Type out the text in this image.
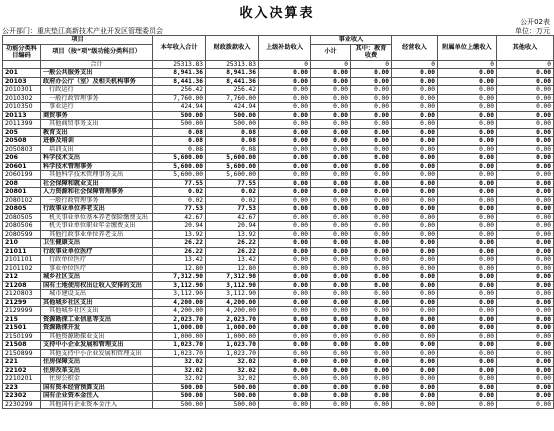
收入决算表
公开02表
公开部门：重庆垫江高新技术产业开发区管理委员会	单位：万元
项目		本年收入合计	财政拨款收入	上级补助收入	事业收入		经营收入	附属单位上缴收入	其他收入
功能分类科目编码	项目（按“项”级功能分类科目）				小计	其中：教育收费			
	合计	25313.83	25313.83	0	0	0	0	0	0
201	一般公共服务支出	8,941.36	8,941.36	0.00	0.00	0.00	0.00	0.00	0.00
20103	政府办公厅（室）及相关机构事务	8,441.36	8,441.36	0.00	0.00	0.00	0.00	0.00	0.00
2010301	行政运行	256.42	256.42	0.00	0.00	0.00	0.00	0.00	0.00
2010302	一般行政管理事务	7,760.00	7,760.00	0.00	0.00	0.00	0.00	0.00	0.00
2010350	事业运行	424.94	424.94	0.00	0.00	0.00	0.00	0.00	0.00
20113	商贸事务	500.00	500.00	0.00	0.00	0.00	0.00	0.00	0.00
2011399	其他商贸事务支出	500.00	500.00	0.00	0.00	0.00	0.00	0.00	0.00
205	教育支出	0.08	0.08	0.00	0.00	0.00	0.00	0.00	0.00
20508	进修及培训	0.08	0.08	0.00	0.00	0.00	0.00	0.00	0.00
2050803	培训支出	0.08	0.08	0.00	0.00	0.00	0.00	0.00	0.00
206	科学技术支出	5,600.00	5,600.00	0.00	0.00	0.00	0.00	0.00	0.00
20601	科学技术管理事务	5,600.00	5,600.00	0.00	0.00	0.00	0.00	0.00	0.00
2060199	其他科学技术管理事务支出	5,600.00	5,600.00	0.00	0.00	0.00	0.00	0.00	0.00
208	社会保障和就业支出	77.55	77.55	0.00	0.00	0.00	0.00	0.00	0.00
20801	人力资源和社会保障管理事务	0.02	0.02	0.00	0.00	0.00	0.00	0.00	0.00
2080102	一般行政管理事务	0.02	0.02	0.00	0.00	0.00	0.00	0.00	0.00
20805	行政事业单位养老支出	77.53	77.53	0.00	0.00	0.00	0.00	0.00	0.00
2080505	机关事业单位基本养老保险缴费支出	42.67	42.67	0.00	0.00	0.00	0.00	0.00	0.00
2080506	机关事业单位职业年金缴费支出	20.94	20.94	0.00	0.00	0.00	0.00	0.00	0.00
2080599	其他行政事业单位养老支出	13.92	13.92	0.00	0.00	0.00	0.00	0.00	0.00
210	卫生健康支出	26.22	26.22	0.00	0.00	0.00	0.00	0.00	0.00
21011	行政事业单位医疗	26.22	26.22	0.00	0.00	0.00	0.00	0.00	0.00
2101101	行政单位医疗	13.42	13.42	0.00	0.00	0.00	0.00	0.00	0.00
2101102	事业单位医疗	12.80	12.80	0.00	0.00	0.00	0.00	0.00	0.00
212	城乡社区支出	7,312.90	7,312.90	0.00	0.00	0.00	0.00	0.00	0.00
21208	国有土地使用权出让收入安排的支出	3,112.90	3,112.90	0.00	0.00	0.00	0.00	0.00	0.00
2120803	城市建设支出	3,112.90	3,112.90	0.00	0.00	0.00	0.00	0.00	0.00
21299	其他城乡社区支出	4,200.00	4,200.00	0.00	0.00	0.00	0.00	0.00	0.00
2129999	其他城乡社区支出	4,200.00	4,200.00	0.00	0.00	0.00	0.00	0.00	0.00
215	资源勘探工业信息等支出	2,023.70	2,023.70	0.00	0.00	0.00	0.00	0.00	0.00
21501	资源勘探开发	1,000.00	1,000.00	0.00	0.00	0.00	0.00	0.00	0.00
2150199	其他资源勘探业支出	1,000.00	1,000.00	0.00	0.00	0.00	0.00	0.00	0.00
21508	支持中小企业发展和管理支出	1,023.70	1,023.70	0.00	0.00	0.00	0.00	0.00	0.00
2150899	其他支持中小企业发展和管理支出	1,023.70	1,023.70	0.00	0.00	0.00	0.00	0.00	0.00
221	住房保障支出	32.02	32.02	0.00	0.00	0.00	0.00	0.00	0.00
22102	住房改革支出	32.02	32.02	0.00	0.00	0.00	0.00	0.00	0.00
2210201	住房公积金	32.02	32.02	0.00	0.00	0.00	0.00	0.00	0.00
223	国有资本经营预算支出	500.00	500.00	0.00	0.00	0.00	0.00	0.00	0.00
22302	国有企业资本金注入	500.00	500.00	0.00	0.00	0.00	0.00	0.00	0.00
2230299	其他国有企业资本金注入	500.00	500.00	0.00	0.00	0.00	0.00	0.00	0.00
